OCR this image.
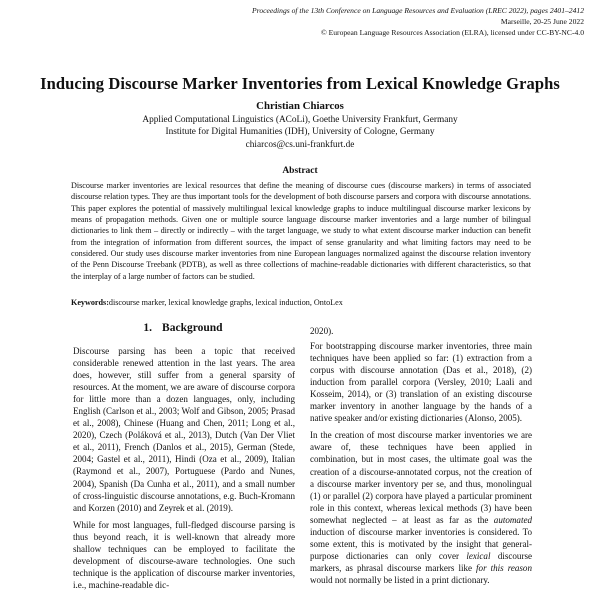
Proceedings of the 13th Conference on Language Resources and Evaluation (LREC 2022), pages 2401–2412
Marseille, 20-25 June 2022
© European Language Resources Association (ELRA), licensed under CC-BY-NC-4.0
Inducing Discourse Marker Inventories from Lexical Knowledge Graphs
Christian Chiarcos
Applied Computational Linguistics (ACoLi), Goethe University Frankfurt, Germany
Institute for Digital Humanities (IDH), University of Cologne, Germany
chiarcos@cs.uni-frankfurt.de
Abstract
Discourse marker inventories are lexical resources that define the meaning of discourse cues (discourse markers) in terms of associated discourse relation types. They are thus important tools for the development of both discourse parsers and corpora with discourse annotations. This paper explores the potential of massively multilingual lexical knowledge graphs to induce multilingual discourse marker lexicons by means of propagation methods. Given one or multiple source language discourse marker inventories and a large number of bilingual dictionaries to link them – directly or indirectly – with the target language, we study to what extent discourse marker induction can benefit from the integration of information from different sources, the impact of sense granularity and what limiting factors may need to be considered. Our study uses discourse marker inventories from nine European languages normalized against the discourse relation inventory of the Penn Discourse Treebank (PDTB), as well as three collections of machine-readable dictionaries with different characteristics, so that the interplay of a large number of factors can be studied.
Keywords:discourse marker, lexical knowledge graphs, lexical induction, OntoLex
1. Background

Discourse parsing has been a topic that received considerable renewed attention in the last years. The area does, however, still suffer from a general sparsity of resources. At the moment, we are aware of discourse corpora for little more than a dozen languages, only, including English (Carlson et al., 2003; Wolf and Gibson, 2005; Prasad et al., 2008), Chinese (Huang and Chen, 2011; Long et al., 2020), Czech (Poláková et al., 2013), Dutch (Van Der Vliet et al., 2011), French (Danlos et al., 2015), German (Stede, 2004; Gastel et al., 2011), Hindi (Oza et al., 2009), Italian (Raymond et al., 2007), Portuguese (Pardo and Nunes, 2004), Spanish (Da Cunha et al., 2011), and a small number of cross-linguistic discourse annotations, e.g. Buch-Kromann and Korzen (2010) and Zeyrek et al. (2019).

While for most languages, full-fledged discourse parsing is thus beyond reach, it is well-known that already more shallow techniques can be employed to facilitate the development of discourse-aware technologies. One such technique is the application of discourse marker inventories, i.e., machine-readable dic-

2020).

For bootstrapping discourse marker inventories, three main techniques have been applied so far: (1) extraction from a corpus with discourse annotation (Das et al., 2018), (2) induction from parallel corpora (Versley, 2010; Laali and Kosseim, 2014), or (3) translation of an existing discourse marker inventory in another language by the hands of a native speaker and/or existing dictionaries (Alonso, 2005).

In the creation of most discourse marker inventories we are aware of, these techniques have been applied in combination, but in most cases, the ultimate goal was the creation of a discourse-annotated corpus, not the creation of a discourse marker inventory per se, and thus, monolingual (1) or parallel (2) corpora have played a particular prominent role in this context, whereas lexical methods (3) have been somewhat neglected – at least as far as the automated induction of discourse marker inventories is considered. To some extent, this is motivated by the insight that general-purpose dictionaries can only cover lexical discourse markers, as phrasal discourse markers like for this reason would not normally be listed in a print dictionary.
